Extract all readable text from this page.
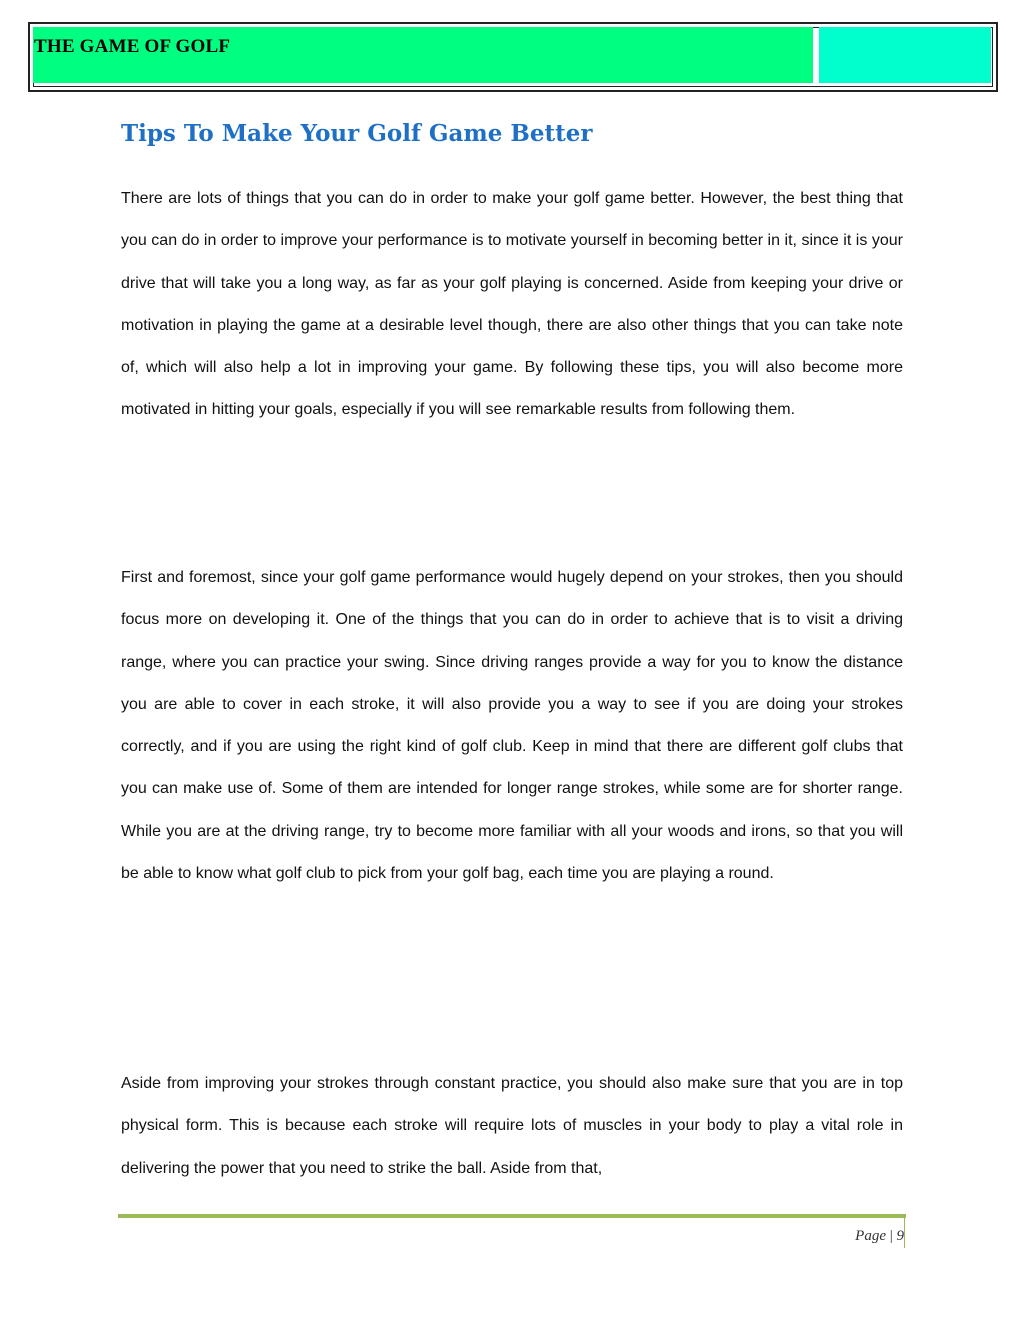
THE GAME OF GOLF
Tips To Make Your Golf Game Better

There are lots of things that you can do in order to make your golf game better. However, the best thing that you can do in order to improve your performance is to motivate yourself in becoming better in it, since it is your drive that will take you a long way, as far as your golf playing is concerned. Aside from keeping your drive or motivation in playing the game at a desirable level though, there are also other things that you can take note of, which will also help a lot in improving your game. By following these tips, you will also become more motivated in hitting your goals, especially if you will see remarkable results from following them.

First and foremost, since your golf game performance would hugely depend on your strokes, then you should focus more on developing it. One of the things that you can do in order to achieve that is to visit a driving range, where you can practice your swing. Since driving ranges provide a way for you to know the distance you are able to cover in each stroke, it will also provide you a way to see if you are doing your strokes correctly, and if you are using the right kind of golf club. Keep in mind that there are different golf clubs that you can make use of. Some of them are intended for longer range strokes, while some are for shorter range. While you are at the driving range, try to become more familiar with all your woods and irons, so that you will be able to know what golf club to pick from your golf bag, each time you are playing a round.

Aside from improving your strokes through constant practice, you should also make sure that you are in top physical form. This is because each stroke will require lots of muscles in your body to play a vital role in delivering the power that you need to strike the ball. Aside from that,

Page | 9
